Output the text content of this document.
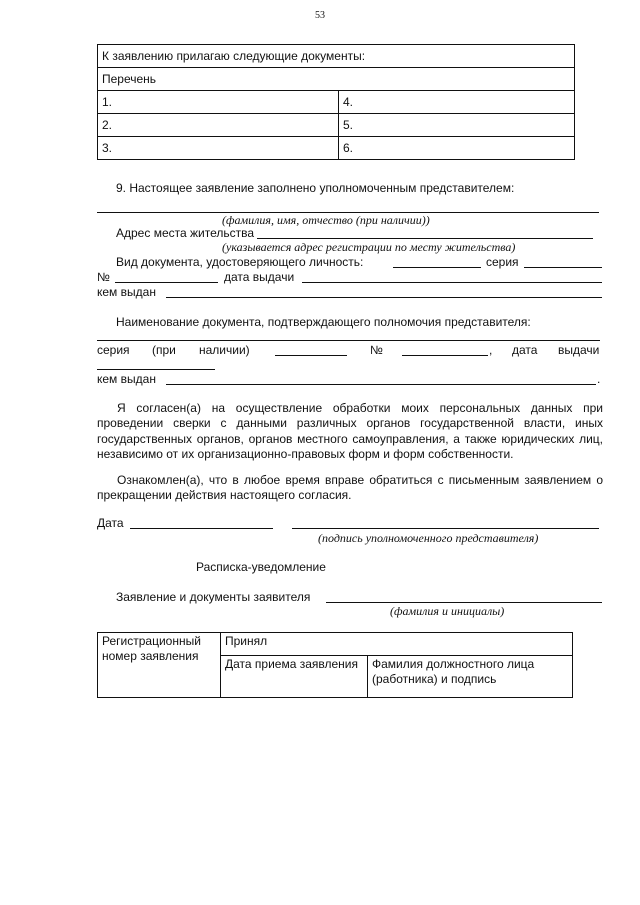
53
К заявлению прилагаю следующие документы:	
Перечень	
1.	4.
2.	5.
3.	6.
9. Настоящее заявление заполнено уполномоченным представителем:
(фамилия, имя, отчество (при наличии))
Адрес места жительства
(указывается адрес регистрации по месту жительства)
Вид документа, удостоверяющего личность:	серия
№	дата выдачи
кем выдан
Наименование документа, подтверждающего полномочия представителя:
серия (при наличии)	№	, дата выдачи
кем выдан	.
Я согласен(а) на осуществление обработки моих персональных данных при проведении сверки с данными различных органов государственной власти, иных государственных органов, органов местного самоуправления, а также юридических лиц, независимо от их организационно-правовых форм и форм собственности.
Ознакомлен(а), что в любое время вправе обратиться с письменным заявлением о прекращении действия настоящего согласия.
Дата
(подпись уполномоченного представителя)
Расписка-уведомление
Заявление и документы заявителя
(фамилия и инициалы)
Регистрационный номер заявления	Принял	
	Дата приема заявления	Фамилия должностного лица (работника) и подпись
